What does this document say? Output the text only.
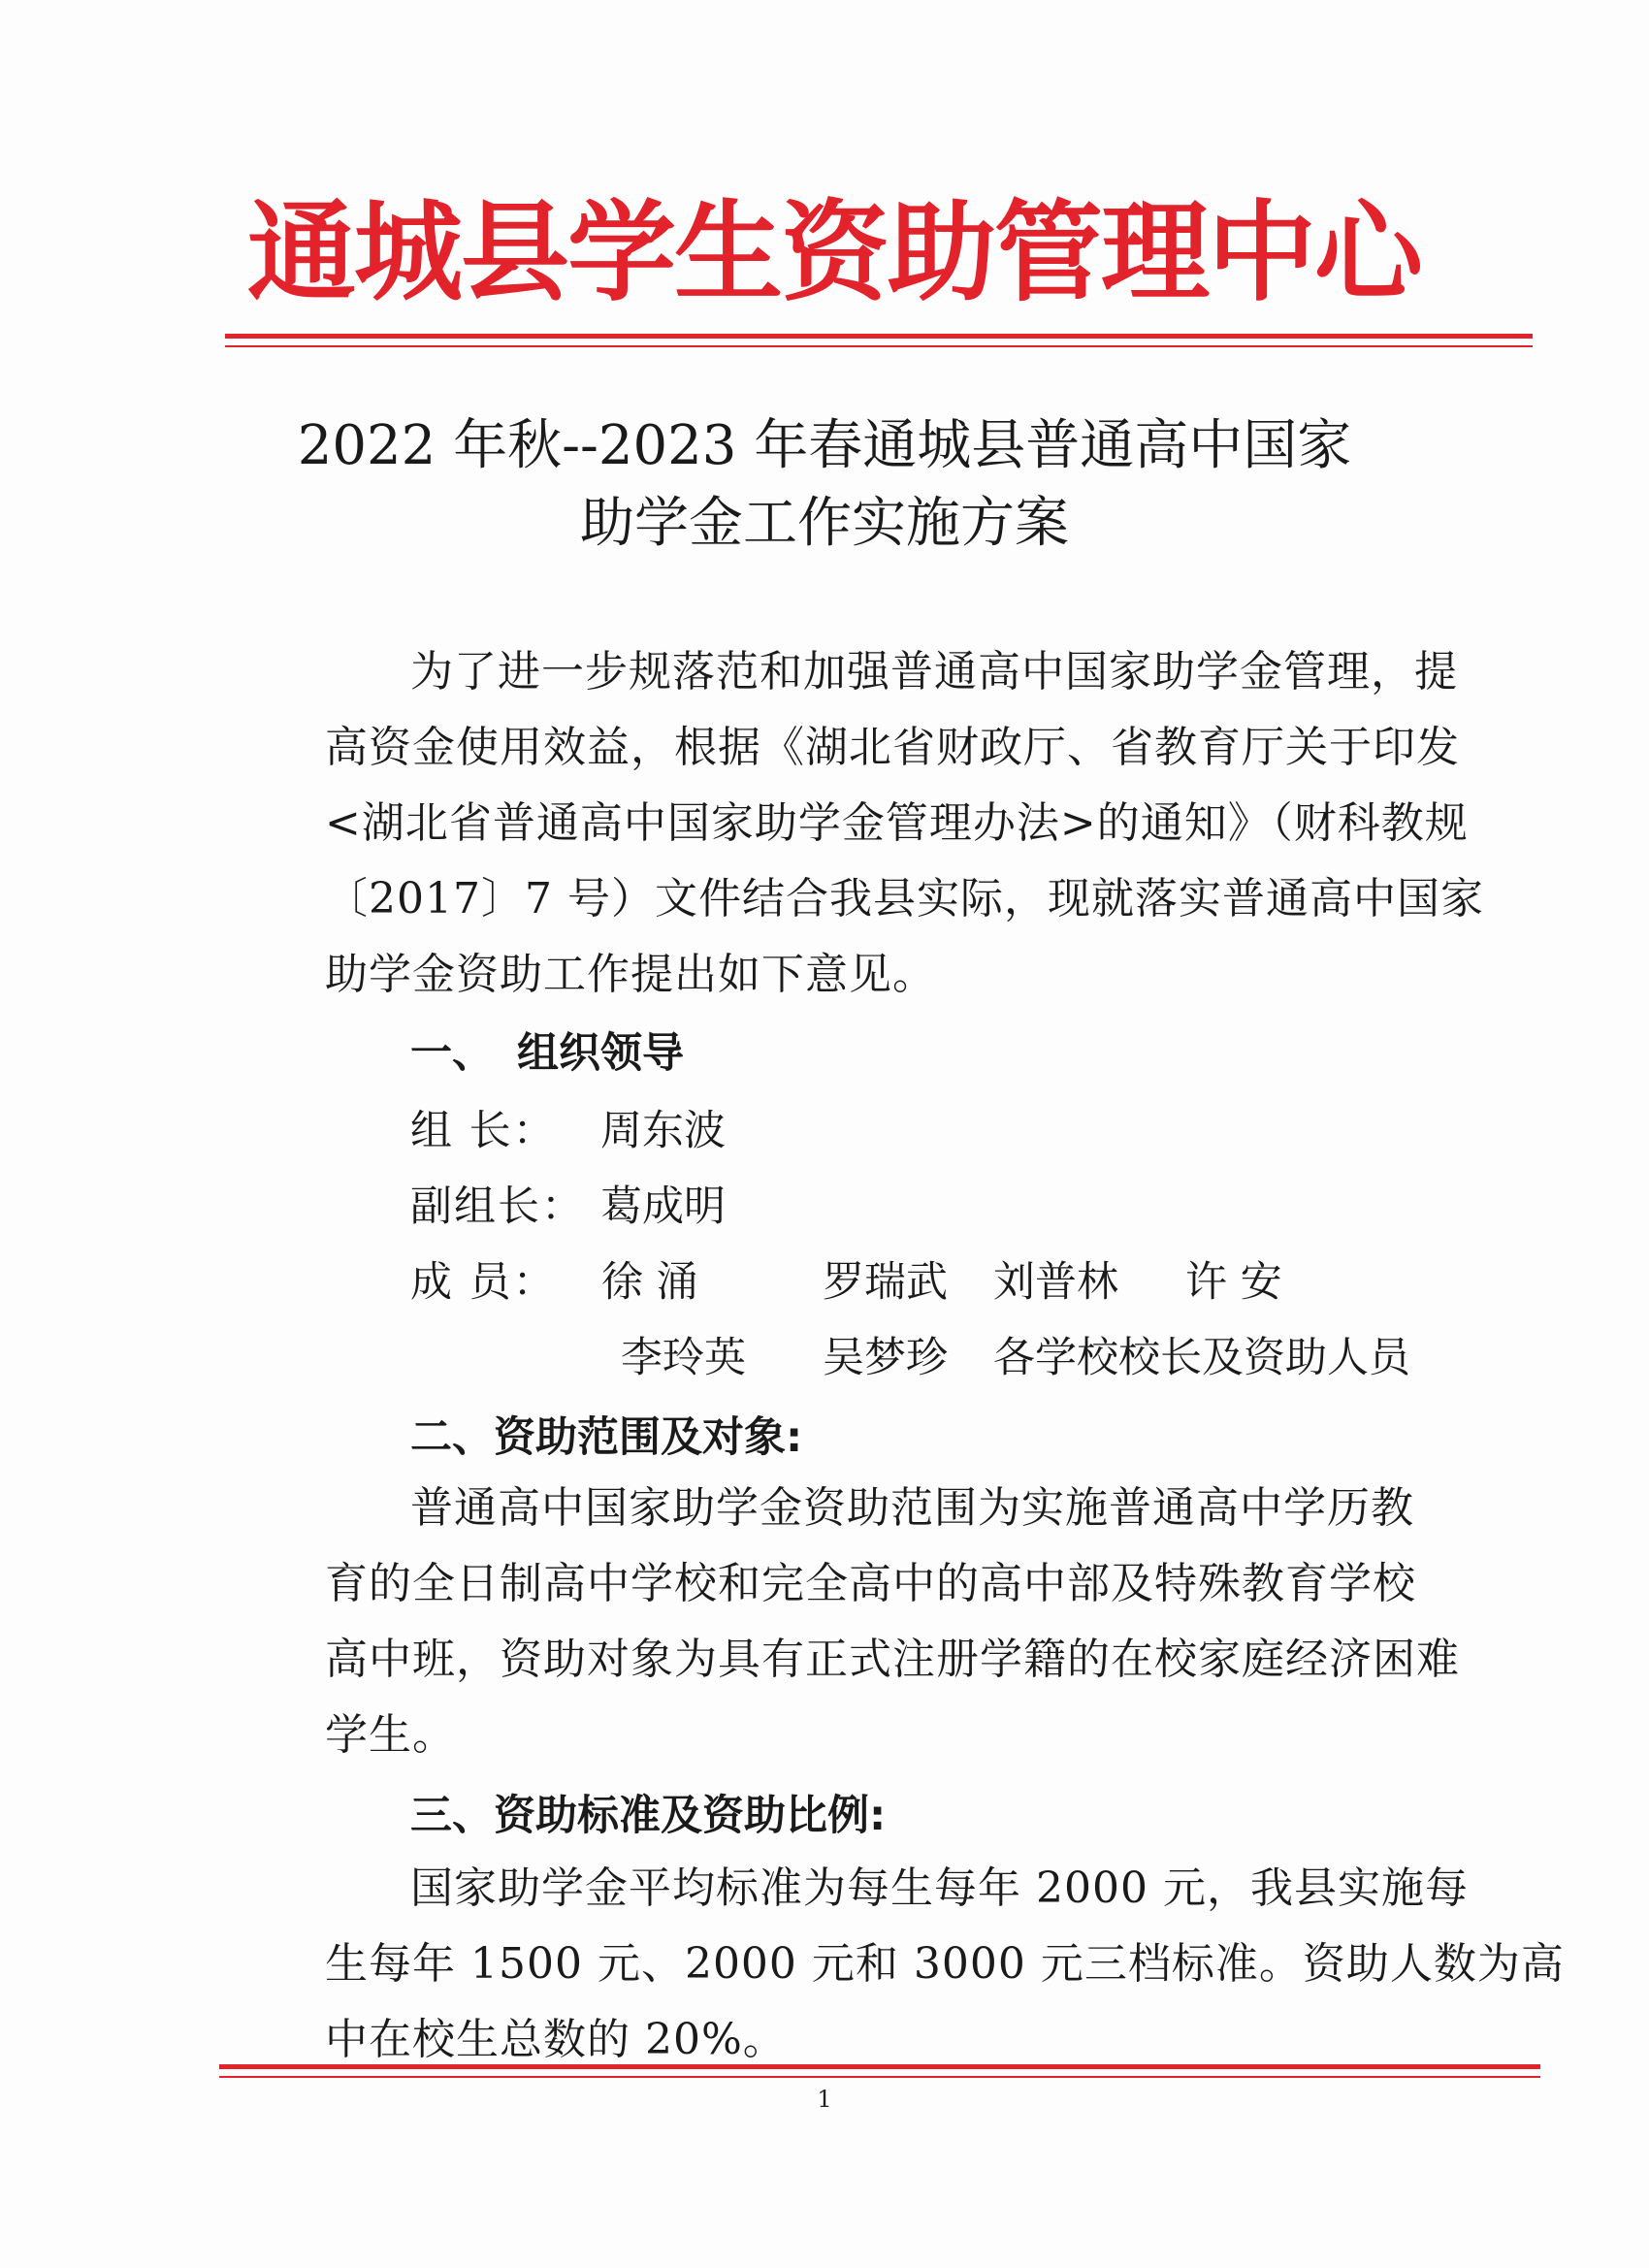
通城县学生资助管理中心
2022 年秋--2023 年春通城县普通高中国家
助学金工作实施方案
为了进一步规落范和加强普通高中国家助学金管理，提
高资金使用效益，根据《湖北省财政厅、省教育厅关于印发
<湖北省普通高中国家助学金管理办法>的通知》（财科教规
〔2017〕7 号）文件结合我县实际，现就落实普通高中国家
助学金资助工作提出如下意见。
一、 组织领导
组 长： 周东波
副组长： 葛成明
成 员：	徐 涌	罗瑞武 刘普林 许 安
李玲英 吴梦珍 各学校校长及资助人员
二、资助范围及对象:
普通高中国家助学金资助范围为实施普通高中学历教
育的全日制高中学校和完全高中的高中部及特殊教育学校
高中班，资助对象为具有正式注册学籍的在校家庭经济困难
学生。
三、资助标准及资助比例:
国家助学金平均标准为每生每年 2000 元，我县实施每
生每年 1500 元、2000 元和 3000 元三档标准。资助人数为高
中在校生总数的 20%。
1
